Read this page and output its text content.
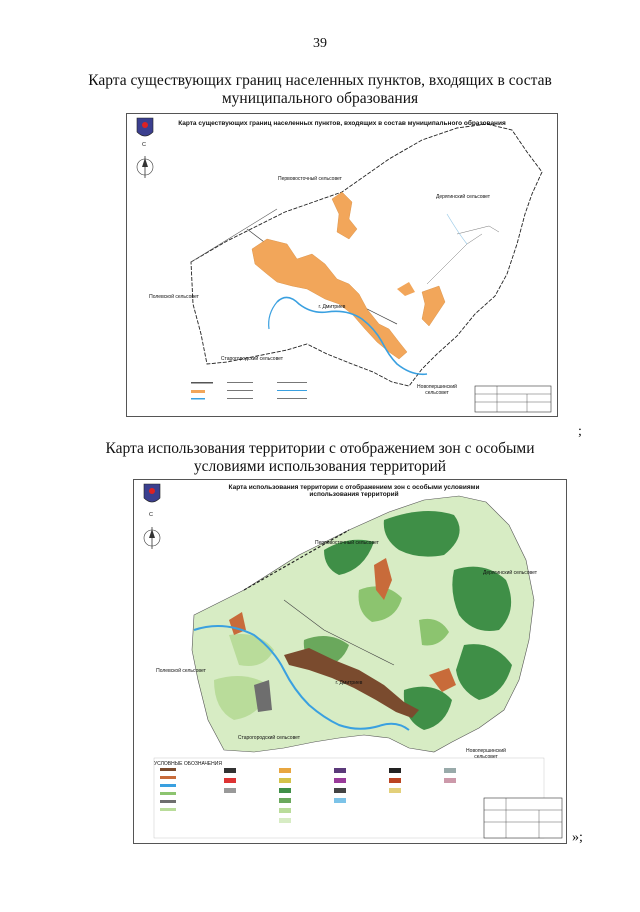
39
Карта существующих границ населенных пунктов, входящих в состав
муниципального образования
Карта существующих границ населенных пунктов, входящих в состав муниципального образования
С
Первовосточный сельсовет
Дерягинский сельсовет
Полевской сельсовет
г. Дмитриев
Старогородский сельсовет
Новопершинский сельсовет
;
Карта использования территории с отображением зон с особыми
условиями использования территорий
Карта использования территории с отображением зон с особыми условиями
использования территорий
С
Первовосточный сельсовет
Дерягинский сельсовет
Полевской сельсовет
г. Дмитриев
Старогородский сельсовет
Новопершинский сельсовет
УСЛОВНЫЕ ОБОЗНАЧЕНИЯ
»;
